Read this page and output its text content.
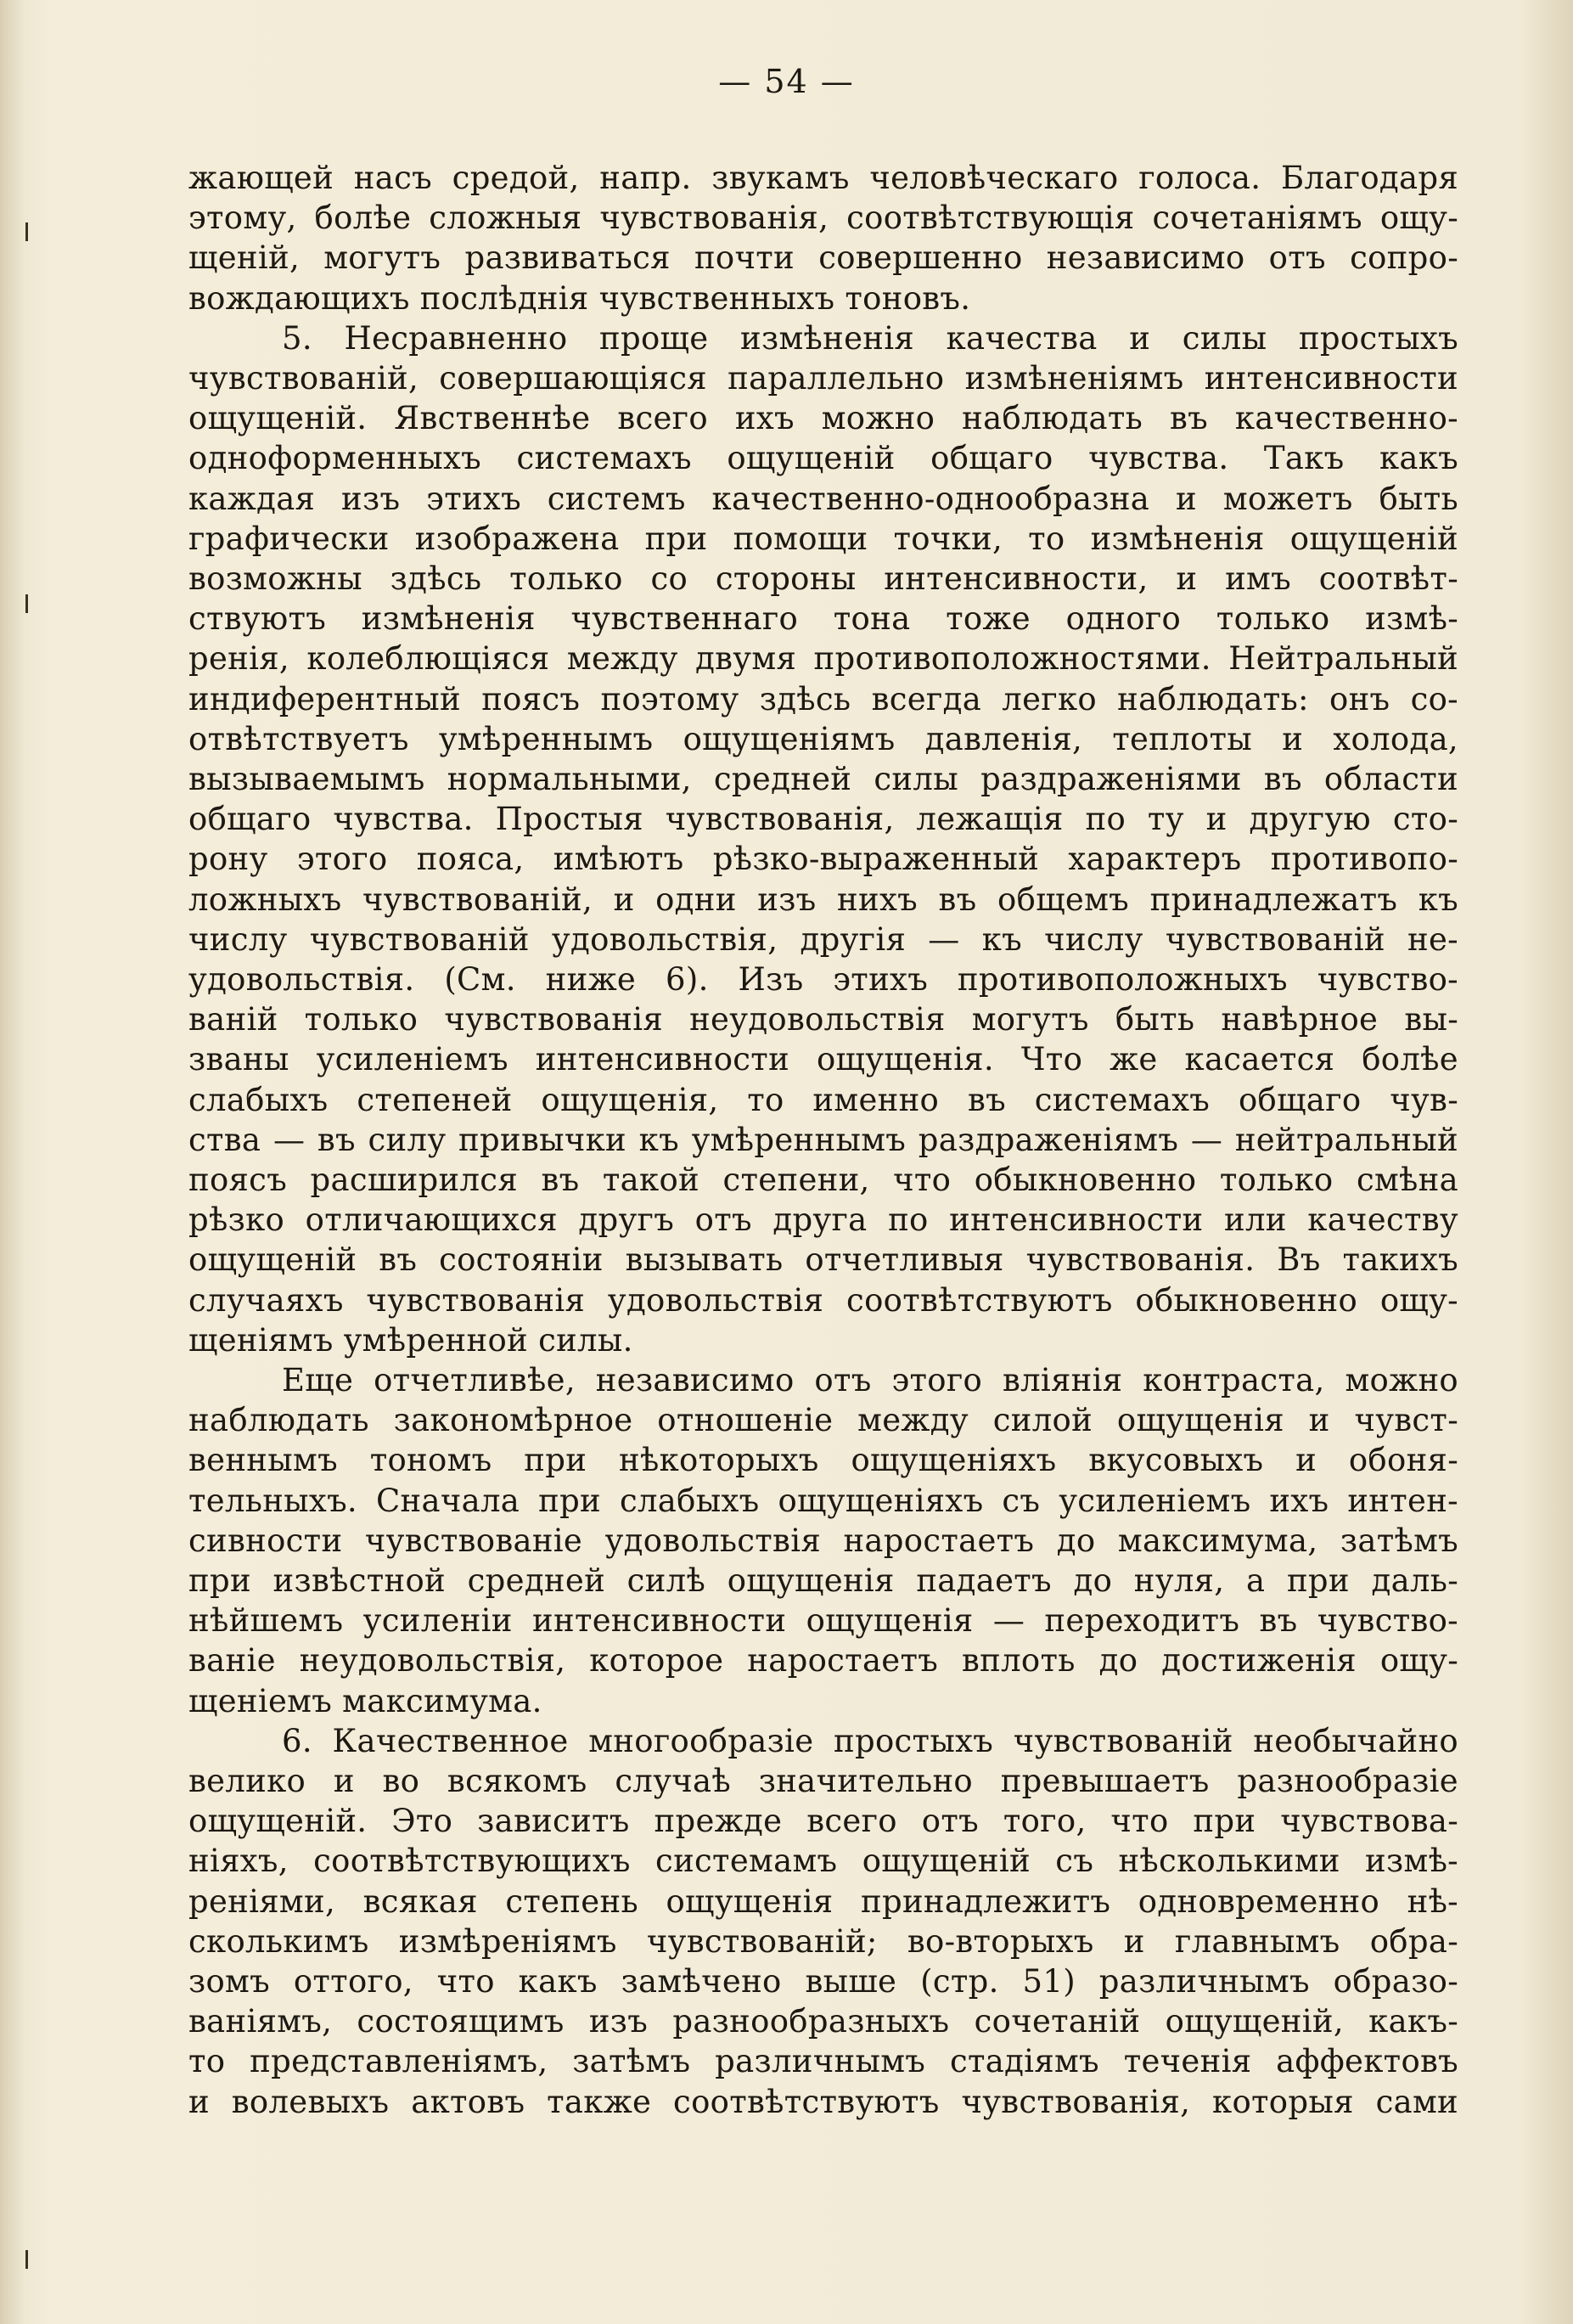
— 54 —
жающей насъ средой, напр. звукамъ человѣческаго голоса. Благодаря
этому, болѣе сложныя чувствованія, соотвѣтствующія сочетаніямъ ощу-
щеній, могутъ развиваться почти совершенно независимо отъ сопро-
вождающихъ послѣднія чувственныхъ тоновъ.
5. Несравненно проще измѣненія качества и силы простыхъ
чувствованій, совершающіяся параллельно измѣненіямъ интенсивности
ощущеній. Явственнѣе всего ихъ можно наблюдать въ качественно-
одноформенныхъ системахъ ощущеній общаго чувства. Такъ какъ
каждая изъ этихъ системъ качественно-однообразна и можетъ быть
графически изображена при помощи точки, то измѣненія ощущеній
возможны здѣсь только со стороны интенсивности, и имъ соотвѣт-
ствуютъ измѣненія чувственнаго тона тоже одного только измѣ-
ренія, колеблющіяся между двумя противоположностями. Нейтральный
индиферентный поясъ поэтому здѣсь всегда легко наблюдать: онъ со-
отвѣтствуетъ умѣреннымъ ощущеніямъ давленія, теплоты и холода,
вызываемымъ нормальными, средней силы раздраженіями въ области
общаго чувства. Простыя чувствованія, лежащія по ту и другую сто-
рону этого пояса, имѣютъ рѣзко-выраженный характеръ противопо-
ложныхъ чувствованій, и одни изъ нихъ въ общемъ принадлежатъ къ
числу чувствованій удовольствія, другія — къ числу чувствованій не-
удовольствія. (См. ниже 6). Изъ этихъ противоположныхъ чувство-
ваній только чувствованія неудовольствія могутъ быть навѣрное вы-
званы усиленіемъ интенсивности ощущенія. Что же касается болѣе
слабыхъ степеней ощущенія, то именно въ системахъ общаго чув-
ства — въ силу привычки къ умѣреннымъ раздраженіямъ — нейтральный
поясъ расширился въ такой степени, что обыкновенно только смѣна
рѣзко отличающихся другъ отъ друга по интенсивности или качеству
ощущеній въ состояніи вызывать отчетливыя чувствованія. Въ такихъ
случаяхъ чувствованія удовольствія соотвѣтствуютъ обыкновенно ощу-
щеніямъ умѣренной силы.
Еще отчетливѣе, независимо отъ этого вліянія контраста, можно
наблюдать закономѣрное отношеніе между силой ощущенія и чувст-
веннымъ тономъ при нѣкоторыхъ ощущеніяхъ вкусовыхъ и обоня-
тельныхъ. Сначала при слабыхъ ощущеніяхъ съ усиленіемъ ихъ интен-
сивности чувствованіе удовольствія наростаетъ до максимума, затѣмъ
при извѣстной средней силѣ ощущенія падаетъ до нуля, а при даль-
нѣйшемъ усиленіи интенсивности ощущенія — переходитъ въ чувство-
ваніе неудовольствія, которое наростаетъ вплоть до достиженія ощу-
щеніемъ максимума.
6. Качественное многообразіе простыхъ чувствованій необычайно
велико и во всякомъ случаѣ значительно превышаетъ разнообразіе
ощущеній. Это зависитъ прежде всего отъ того, что при чувствова-
ніяхъ, соотвѣтствующихъ системамъ ощущеній съ нѣсколькими измѣ-
реніями, всякая степень ощущенія принадлежитъ одновременно нѣ-
сколькимъ измѣреніямъ чувствованій; во-вторыхъ и главнымъ обра-
зомъ оттого, что какъ замѣчено выше (стр. 51) различнымъ образо-
ваніямъ, состоящимъ изъ разнообразныхъ сочетаній ощущеній, какъ-
то представленіямъ, затѣмъ различнымъ стадіямъ теченія аффектовъ
и волевыхъ актовъ также соотвѣтствуютъ чувствованія, которыя сами
